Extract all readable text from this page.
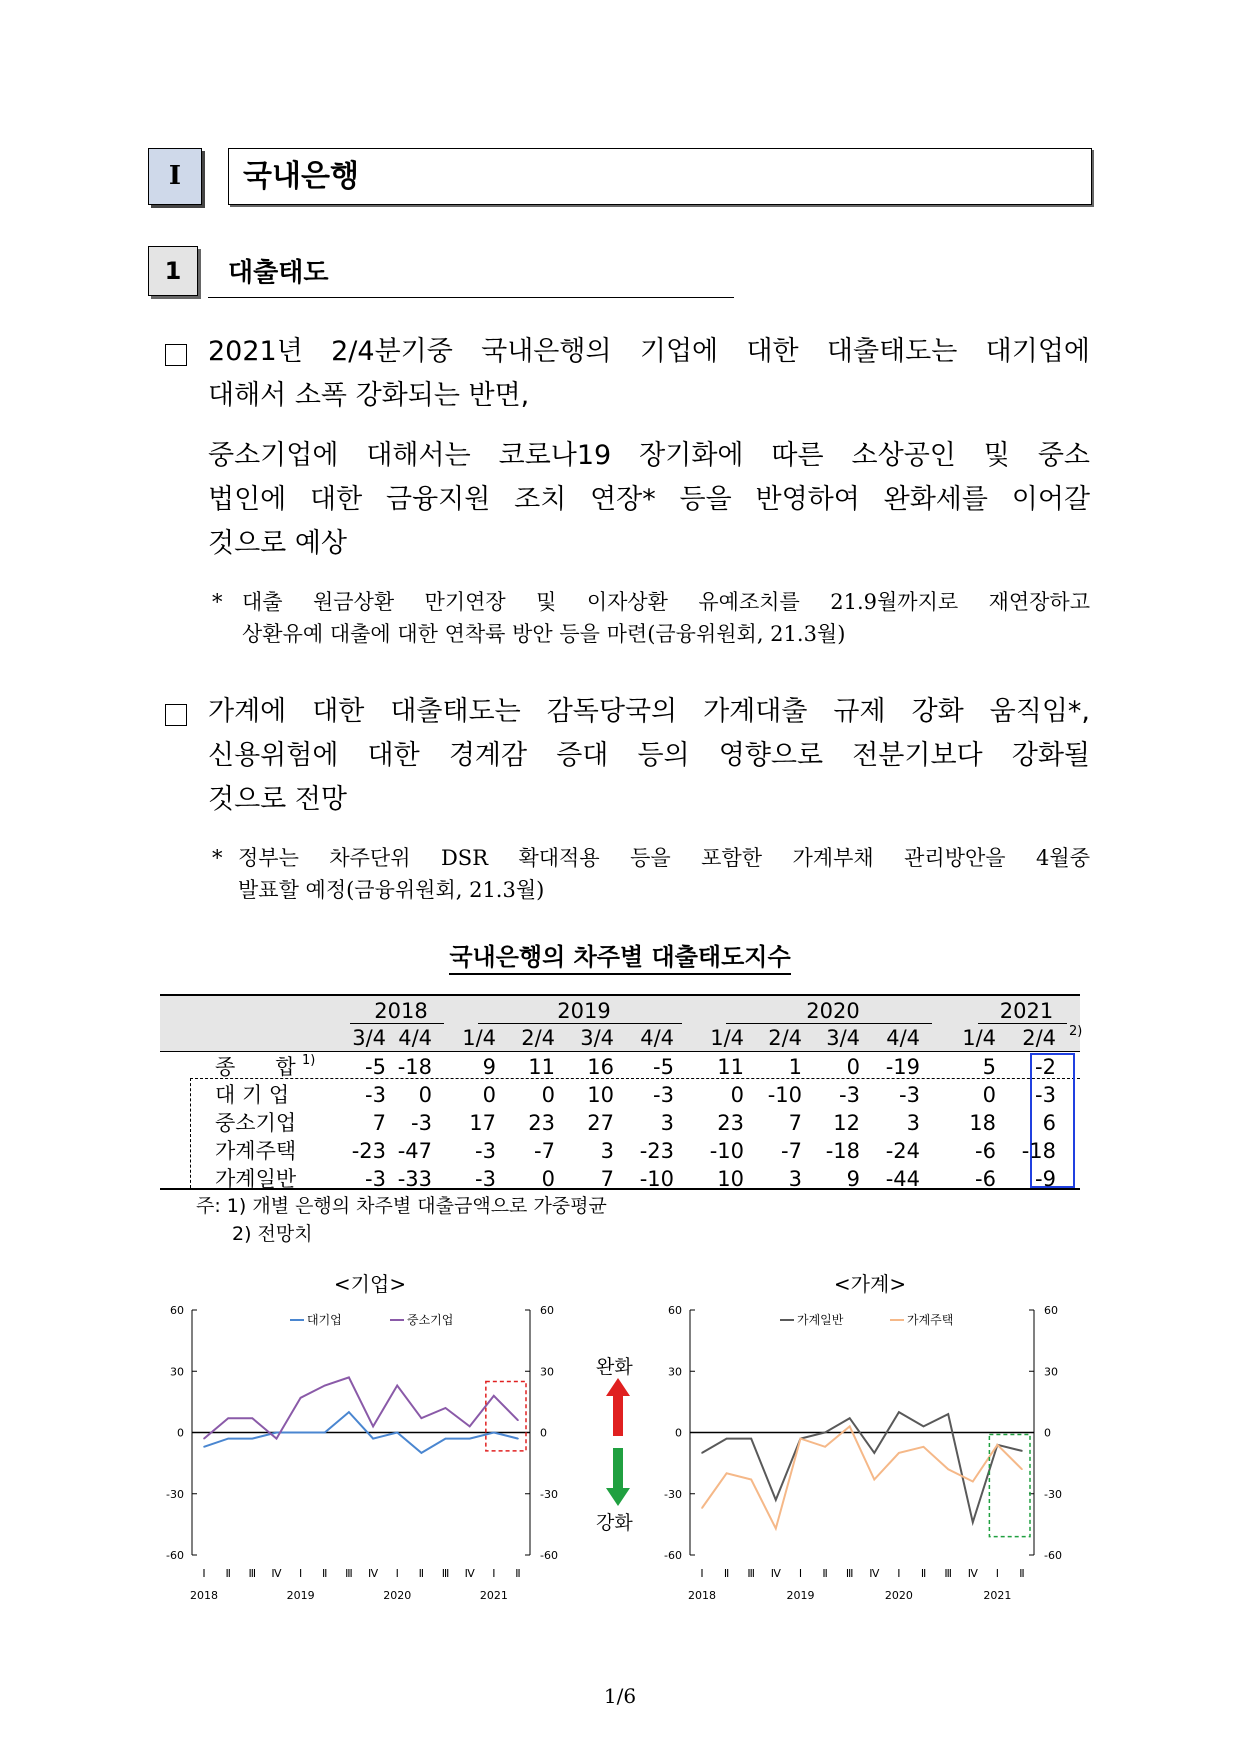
Ⅰ	국내은행
1	대출태도
2021년 2/4분기중 국내은행의 기업에 대한 대출태도는 대기업에
대해서 소폭 강화되는 반면,
중소기업에 대해서는 코로나19 장기화에 따른 소상공인 및 중소
법인에 대한 금융지원 조치 연장* 등을 반영하여 완화세를 이어갈
것으로 예상
* 대출 원금상환 만기연장 및 이자상환 유예조치를 21.9월까지로 재연장하고
상환유예 대출에 대한 연착륙 방안 등을 마련(금융위원회, 21.3월)
가계에 대한 대출태도는 감독당국의 가계대출 규제 강화 움직임*,
신용위험에 대한 경계감 증대 등의 영향으로 전분기보다 강화될
것으로 전망
* 정부는 차주단위 DSR 확대적용 등을 포함한 가계부채 관리방안을 4월중
발표할 예정(금융위원회, 21.3월)
국내은행의 차주별 대출태도지수
2018	2019	2020	2021
3/4 4/4	1/4	2/4	3/4	4/4	1/4	2/4	3/4	4/4	1/4	2/4 2)
종      합 1)	-5 -18	9	11	16	-5	11	1	0	-19	5	-2
대 기 업	-3	0	0	0	10	-3	0	-10	-3	-3	0	-3
중소기업	7	-3	17	23	27	3	23	7	12	3	18	6
가계주택	-23 -47	-3	-7	3	-23	-10	-7	-18	-24	-6	-18
가계일반	-3 -33	-3	0	7	-10	10	3	9	-44	-6	-9
주: 1) 개별 은행의 차주별 대출금액으로 가중평균
2) 전망치
<기업>	<가계>
60	60
30	30
0	0
-30	-30
-60	-60
Ⅰ Ⅱ Ⅲ Ⅳ Ⅰ Ⅱ Ⅲ Ⅳ Ⅰ Ⅱ Ⅲ Ⅳ Ⅰ Ⅱ
2018	2019	2020	2021
대기업	중소기업
60	60
30	30
0	0
-30	-30
-60	-60
Ⅰ Ⅱ Ⅲ Ⅳ Ⅰ Ⅱ Ⅲ Ⅳ Ⅰ Ⅱ Ⅲ Ⅳ Ⅰ Ⅱ
2018	2019	2020	2021
가계일반	가계주택
완화
강화
1/6
